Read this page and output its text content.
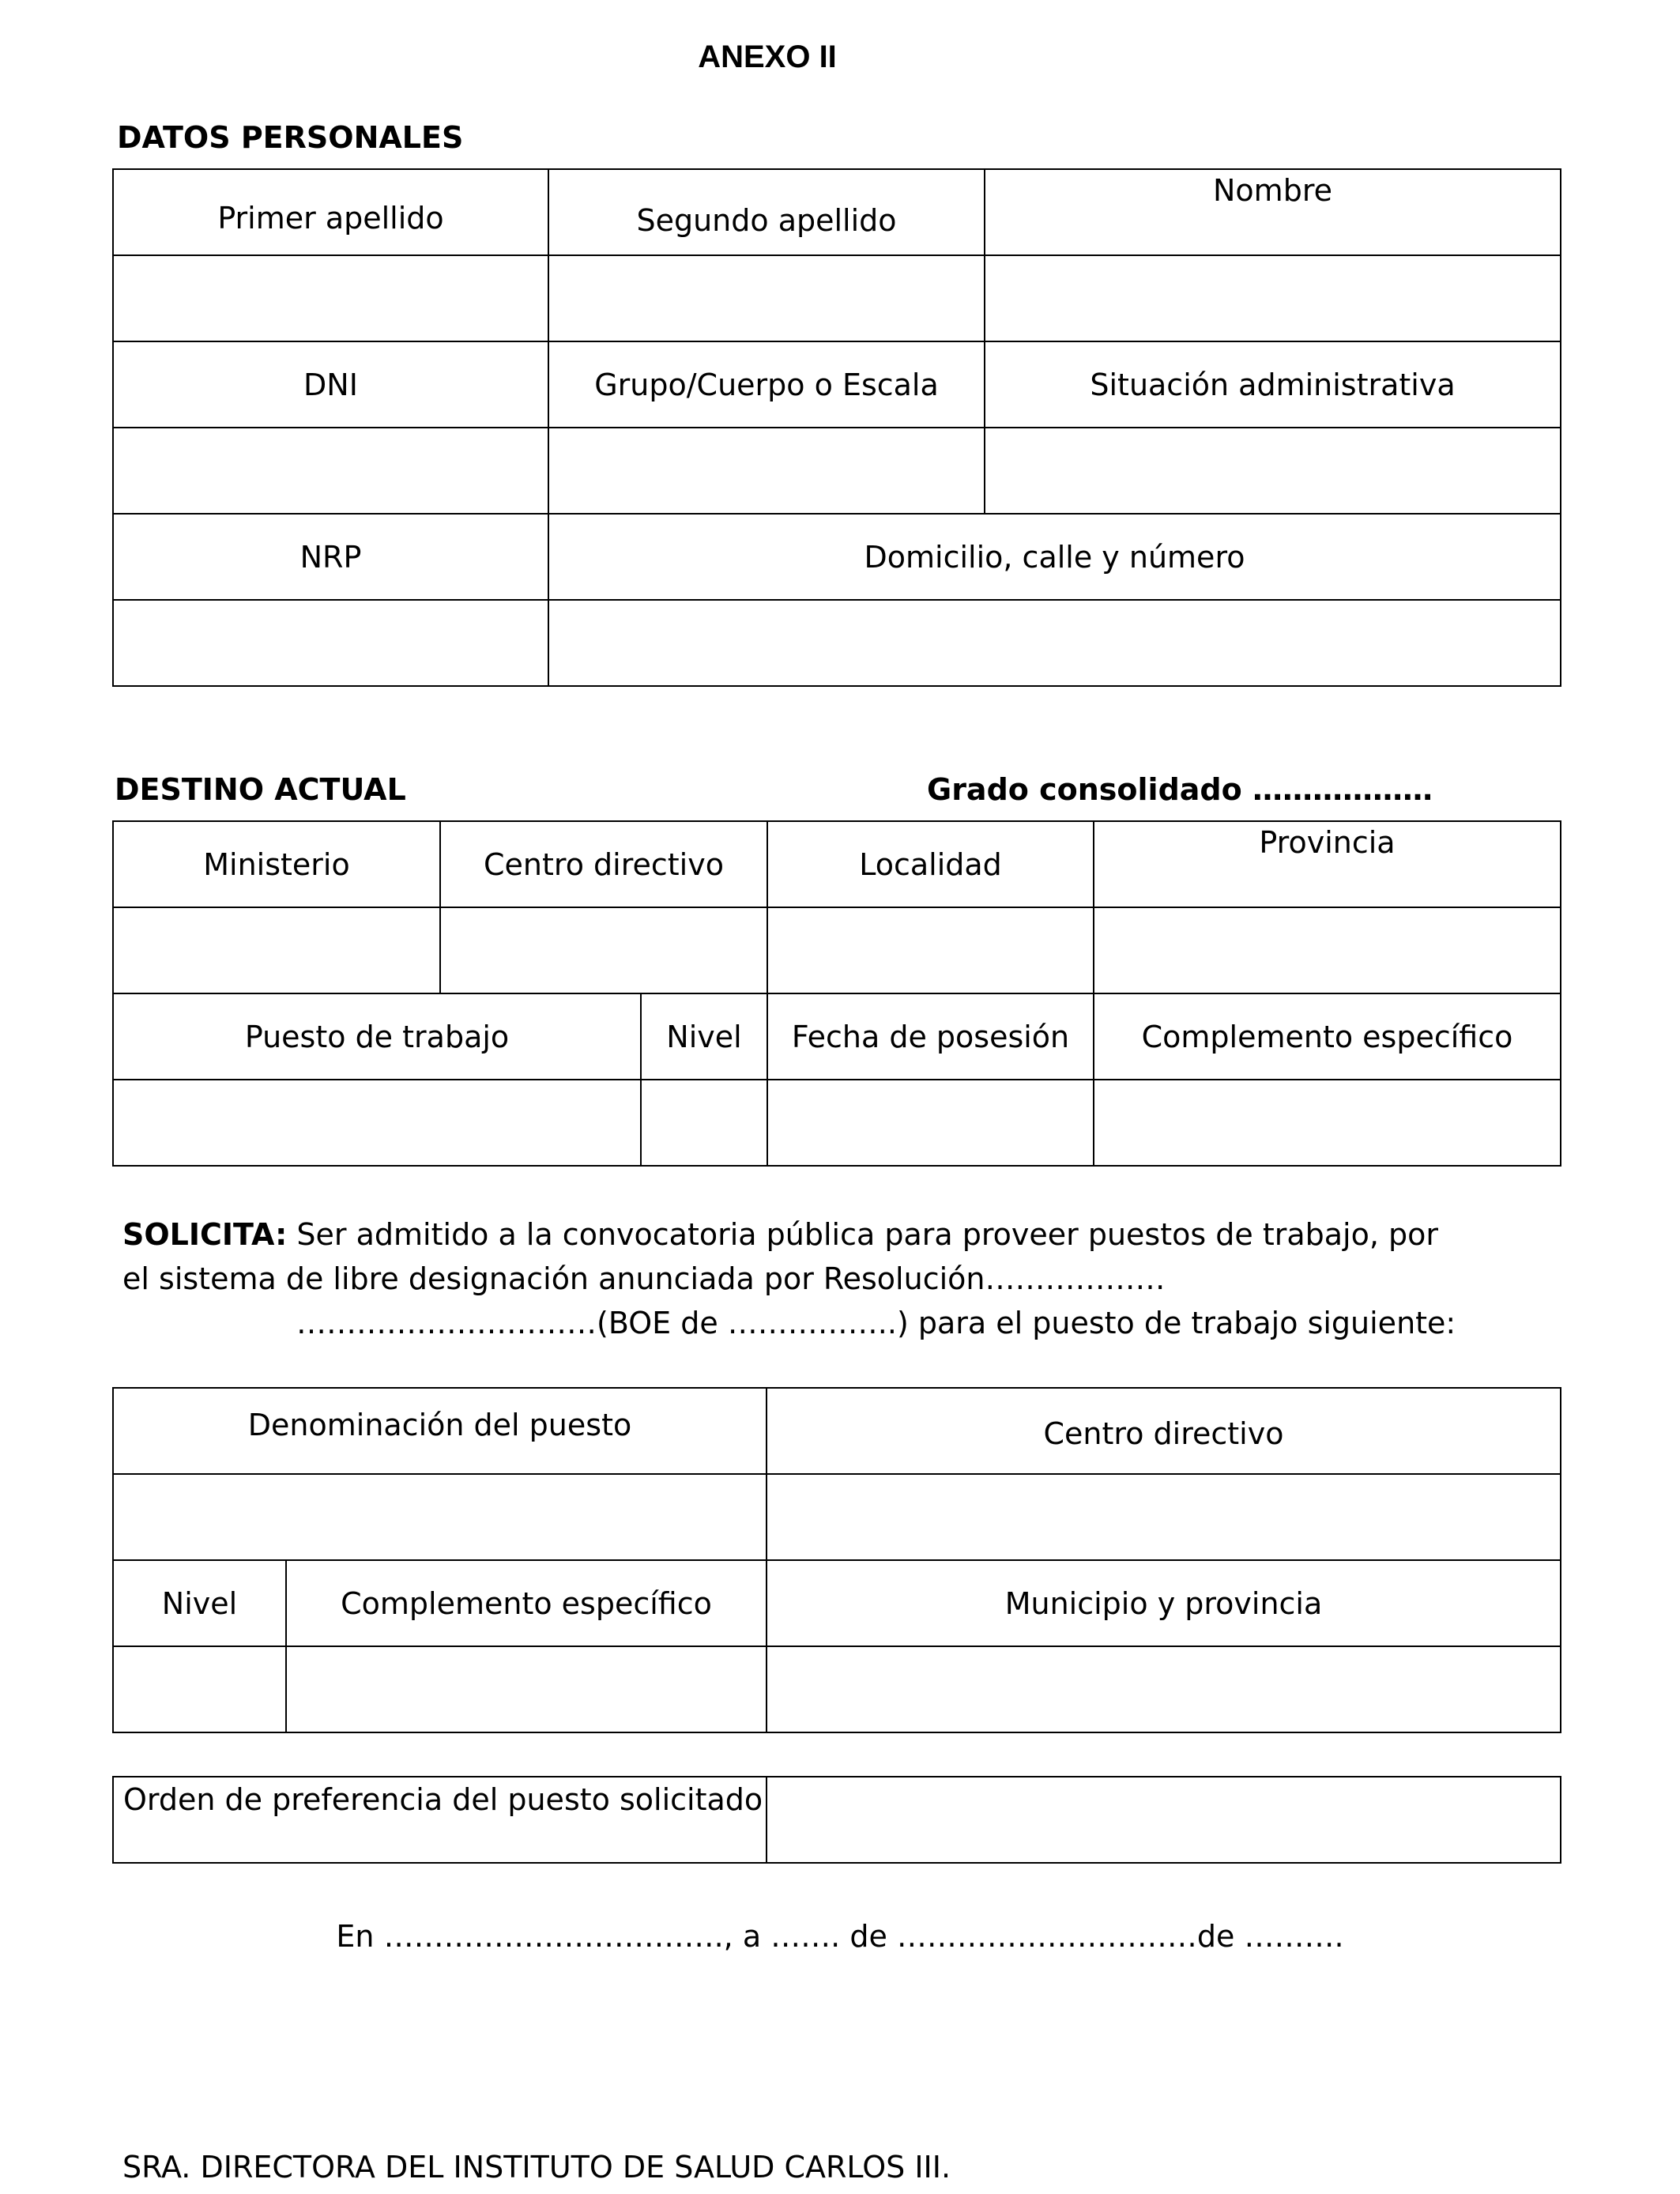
ANEXO II
DATOS PERSONALES
Primer apellido	Segundo apellido	Nombre

DNI	Grupo/Cuerpo o Escala	Situación administrativa

NRP	Domicilio, calle y número	

DESTINO ACTUAL	Grado consolidado ………………
Ministerio	Centro directivo	Localidad	Provincia

Puesto de trabajo	Nivel	Fecha de posesión	Complemento específico

SOLICITA: Ser admitido a la convocatoria pública para proveer puestos de trabajo, por
el sistema de libre designación anunciada por Resolución………………
…………………………(BOE de ……………..) para el puesto de trabajo siguiente:
Denominación del puesto	Centro directivo

Nivel	Complemento específico	Municipio y provincia

Orden de preferencia del puesto solicitado	
En ……………………………., a ……. de …………………………de ……….
SRA. DIRECTORA DEL INSTITUTO DE SALUD CARLOS III.
